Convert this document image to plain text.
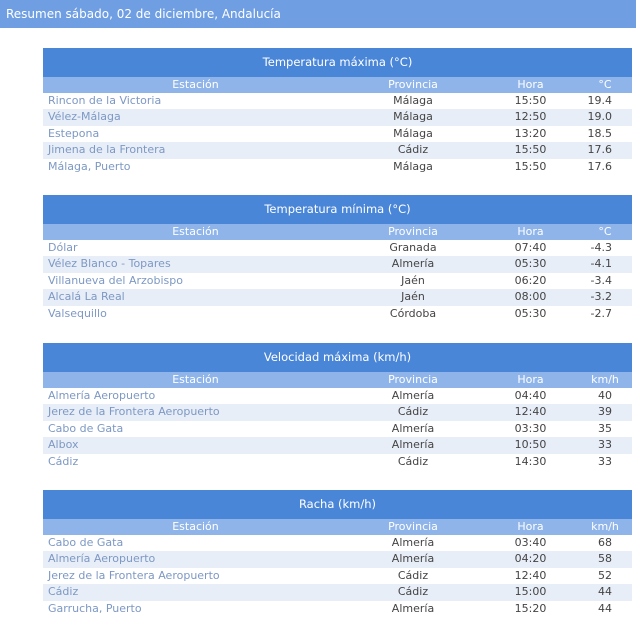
Resumen sábado, 02 de diciembre, Andalucía
Temperatura máxima (°C)
Estación	Provincia	Hora	°C
Rincon de la Victoria	Málaga	15:50	19.4
Vélez-Málaga	Málaga	12:50	19.0
Estepona	Málaga	13:20	18.5
Jimena de la Frontera	Cádiz	15:50	17.6
Málaga, Puerto	Málaga	15:50	17.6
Temperatura mínima (°C)
Estación	Provincia	Hora	°C
Dólar	Granada	07:40	-4.3
Vélez Blanco - Topares	Almería	05:30	-4.1
Villanueva del Arzobispo	Jaén	06:20	-3.4
Alcalá La Real	Jaén	08:00	-3.2
Valsequillo	Córdoba	05:30	-2.7
Velocidad máxima (km/h)
Estación	Provincia	Hora	km/h
Almería Aeropuerto	Almería	04:40	40
Jerez de la Frontera Aeropuerto	Cádiz	12:40	39
Cabo de Gata	Almería	03:30	35
Albox	Almería	10:50	33
Cádiz	Cádiz	14:30	33
Racha (km/h)
Estación	Provincia	Hora	km/h
Cabo de Gata	Almería	03:40	68
Almería Aeropuerto	Almería	04:20	58
Jerez de la Frontera Aeropuerto	Cádiz	12:40	52
Cádiz	Cádiz	15:00	44
Garrucha, Puerto	Almería	15:20	44
